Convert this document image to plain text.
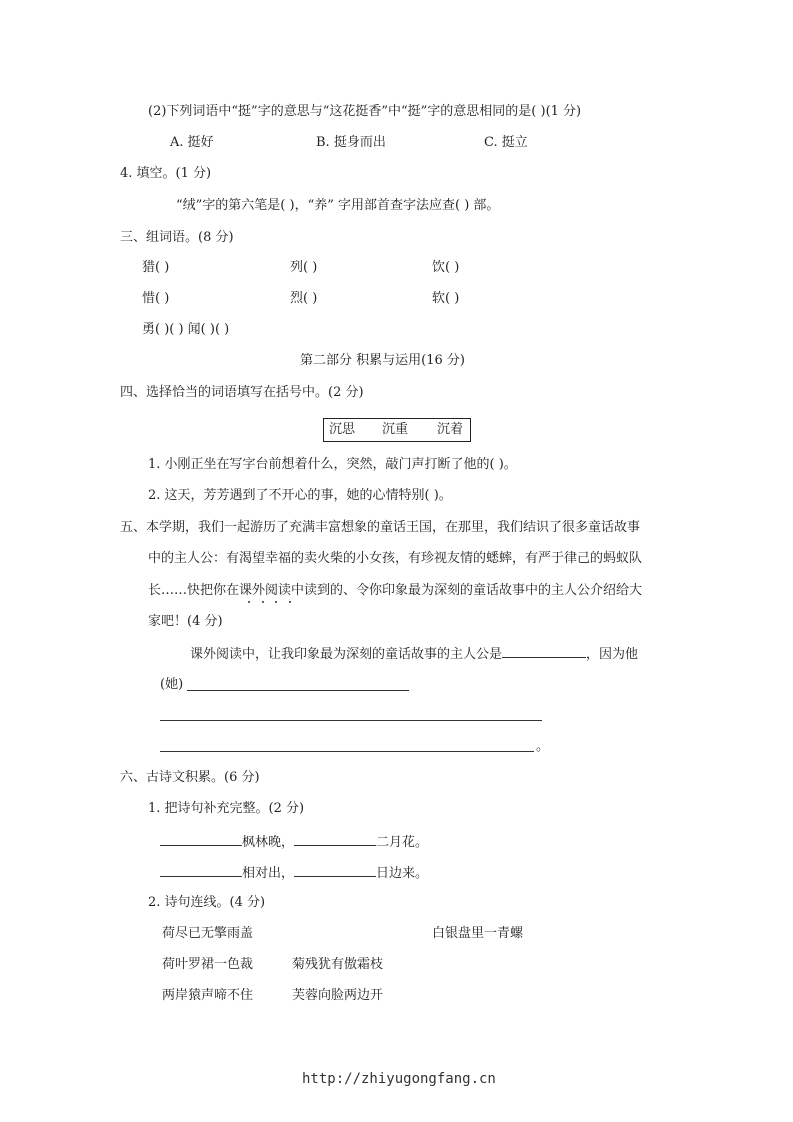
(2)下列词语中“挺”字的意思与“这花挺香”中“挺”字的意思相同的是( )(1 分)
A. 挺好	B. 挺身而出	C. 挺立
4. 填空。(1 分)
“绒”字的第六笔是( )，“养” 字用部首查字法应查( ) 部。
三、组词语。(8 分)
猎( )	列( )	饮( )
惜( )	烈( )	软( )
勇( )( ) 闻( )( )
第二部分 积累与运用(16 分)
四、选择恰当的词语填写在括号中。(2 分)
沉思 沉重 沉着
1. 小刚正坐在写字台前想着什么，突然，敲门声打断了他的( )。
2. 这天，芳芳遇到了不开心的事，她的心情特别( )。
五、本学期，我们一起游历了充满丰富想象的童话王国，在那里，我们结识了很多童话故事
中的主人公：有渴望幸福的卖火柴的小女孩，有珍视友情的蟋蟀，有严于律己的蚂蚁队
长……快把你在课外阅读中读到的、令你印象最为深刻的童话故事中的主人公介绍给大
家吧！(4 分)
课外阅读中，让我印象最为深刻的童话故事的主人公是	，因为他
(她)
。
六、古诗文积累。(6 分)
1. 把诗句补充完整。(2 分)
枫林晚，	二月花。
相对出，	日边来。
2. 诗句连线。(4 分)
荷尽已无擎雨盖	白银盘里一青螺
荷叶罗裙一色裁	菊残犹有傲霜枝
两岸猿声啼不住	芙蓉向脸两边开
http://zhiyugongfang.cn
